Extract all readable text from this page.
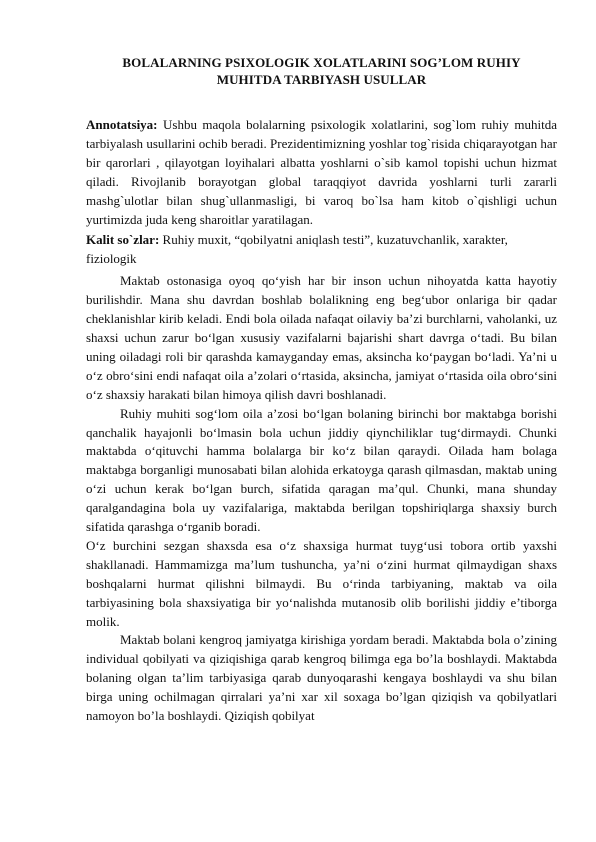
BOLALARNING PSIXOLOGIK XOLATLARINI SOG’LOM RUHIY
MUHITDA TARBIYASH USULLAR

Annotatsiya: Ushbu maqola bolalarning psixologik xolatlarini, sog`lom ruhiy muhitda tarbiyalash usullarini ochib beradi. Prezidentimizning yoshlar tog`risida chiqarayotgan har bir qarorlari , qilayotgan loyihalari albatta yoshlarni o`sib kamol topishi uchun hizmat qiladi. Rivojlanib borayotgan global taraqqiyot davrida yoshlarni turli zararli mashg`ulotlar bilan shug`ullanmasligi, bi varoq bo`lsa ham kitob o`qishligi uchun yurtimizda juda keng sharoitlar yaratilagan.

Kalit so`zlar: Ruhiy muxit, “qobilyatni aniqlash testi”, kuzatuvchanlik, xarakter, fiziologik

Maktab ostonasiga oyoq qo‘yish har bir inson uchun nihoyatda katta hayotiy burilishdir. Mana shu davrdan boshlab bolalikning eng beg‘ubor onlariga bir qadar cheklanishlar kirib keladi. Endi bola oilada nafaqat oilaviy ba’zi burchlarni, vaholanki, uz shaxsi uchun zarur bo‘lgan xususiy vazifalarni bajarishi shart davrga o‘tadi. Bu bilan uning oiladagi roli bir qarashda kamayganday emas, aksincha ko‘paygan bo‘ladi. Ya’ni u o‘z obro‘sini endi nafaqat oila a’zolari o‘rtasida, aksincha, jamiyat o‘rtasida oila obro‘sini o‘z shaxsiy harakati bilan himoya qilish davri boshlanadi.

Ruhiy muhiti sog‘lom oila a’zosi bo‘lgan bolaning birinchi bor maktabga borishi qanchalik hayajonli bo‘lmasin bola uchun jiddiy qiynchiliklar tug‘dirmaydi. Chunki maktabda o‘qituvchi hamma bolalarga bir ko‘z bilan qaraydi. Oilada ham bolaga maktabga borganligi munosabati bilan alohida erkatoyga qarash qilmasdan, maktab uning o‘zi uchun kerak bo‘lgan burch, sifatida qaragan ma’qul. Chunki, mana shunday qaralgandagina bola uy vazifalariga, maktabda berilgan topshiriqlarga shaxsiy burch sifatida qarashga o‘rganib boradi.

O‘z burchini sezgan shaxsda esa o‘z shaxsiga hurmat tuyg‘usi tobora ortib yaxshi shakllanadi. Hammamizga ma’lum tushuncha, ya’ni o‘zini hurmat qilmaydigan shaxs boshqalarni hurmat qilishni bilmaydi. Bu o‘rinda tarbiyaning, maktab va oila tarbiyasining bola shaxsiyatiga bir yo‘nalishda mutanosib olib borilishi jiddiy e’tiborga molik.

Maktab bolani kengroq jamiyatga kirishiga yordam beradi. Maktabda bola o’zining individual qobilyati va qiziqishiga qarab kengroq bilimga ega bo’la boshlaydi. Maktabda bolaning olgan ta’lim tarbiyasiga qarab dunyoqarashi kengaya boshlaydi va shu bilan birga uning ochilmagan qirralari ya’ni xar xil soxaga bo’lgan qiziqish va qobilyatlari namoyon bo’la boshlaydi. Qiziqish qobilyat
